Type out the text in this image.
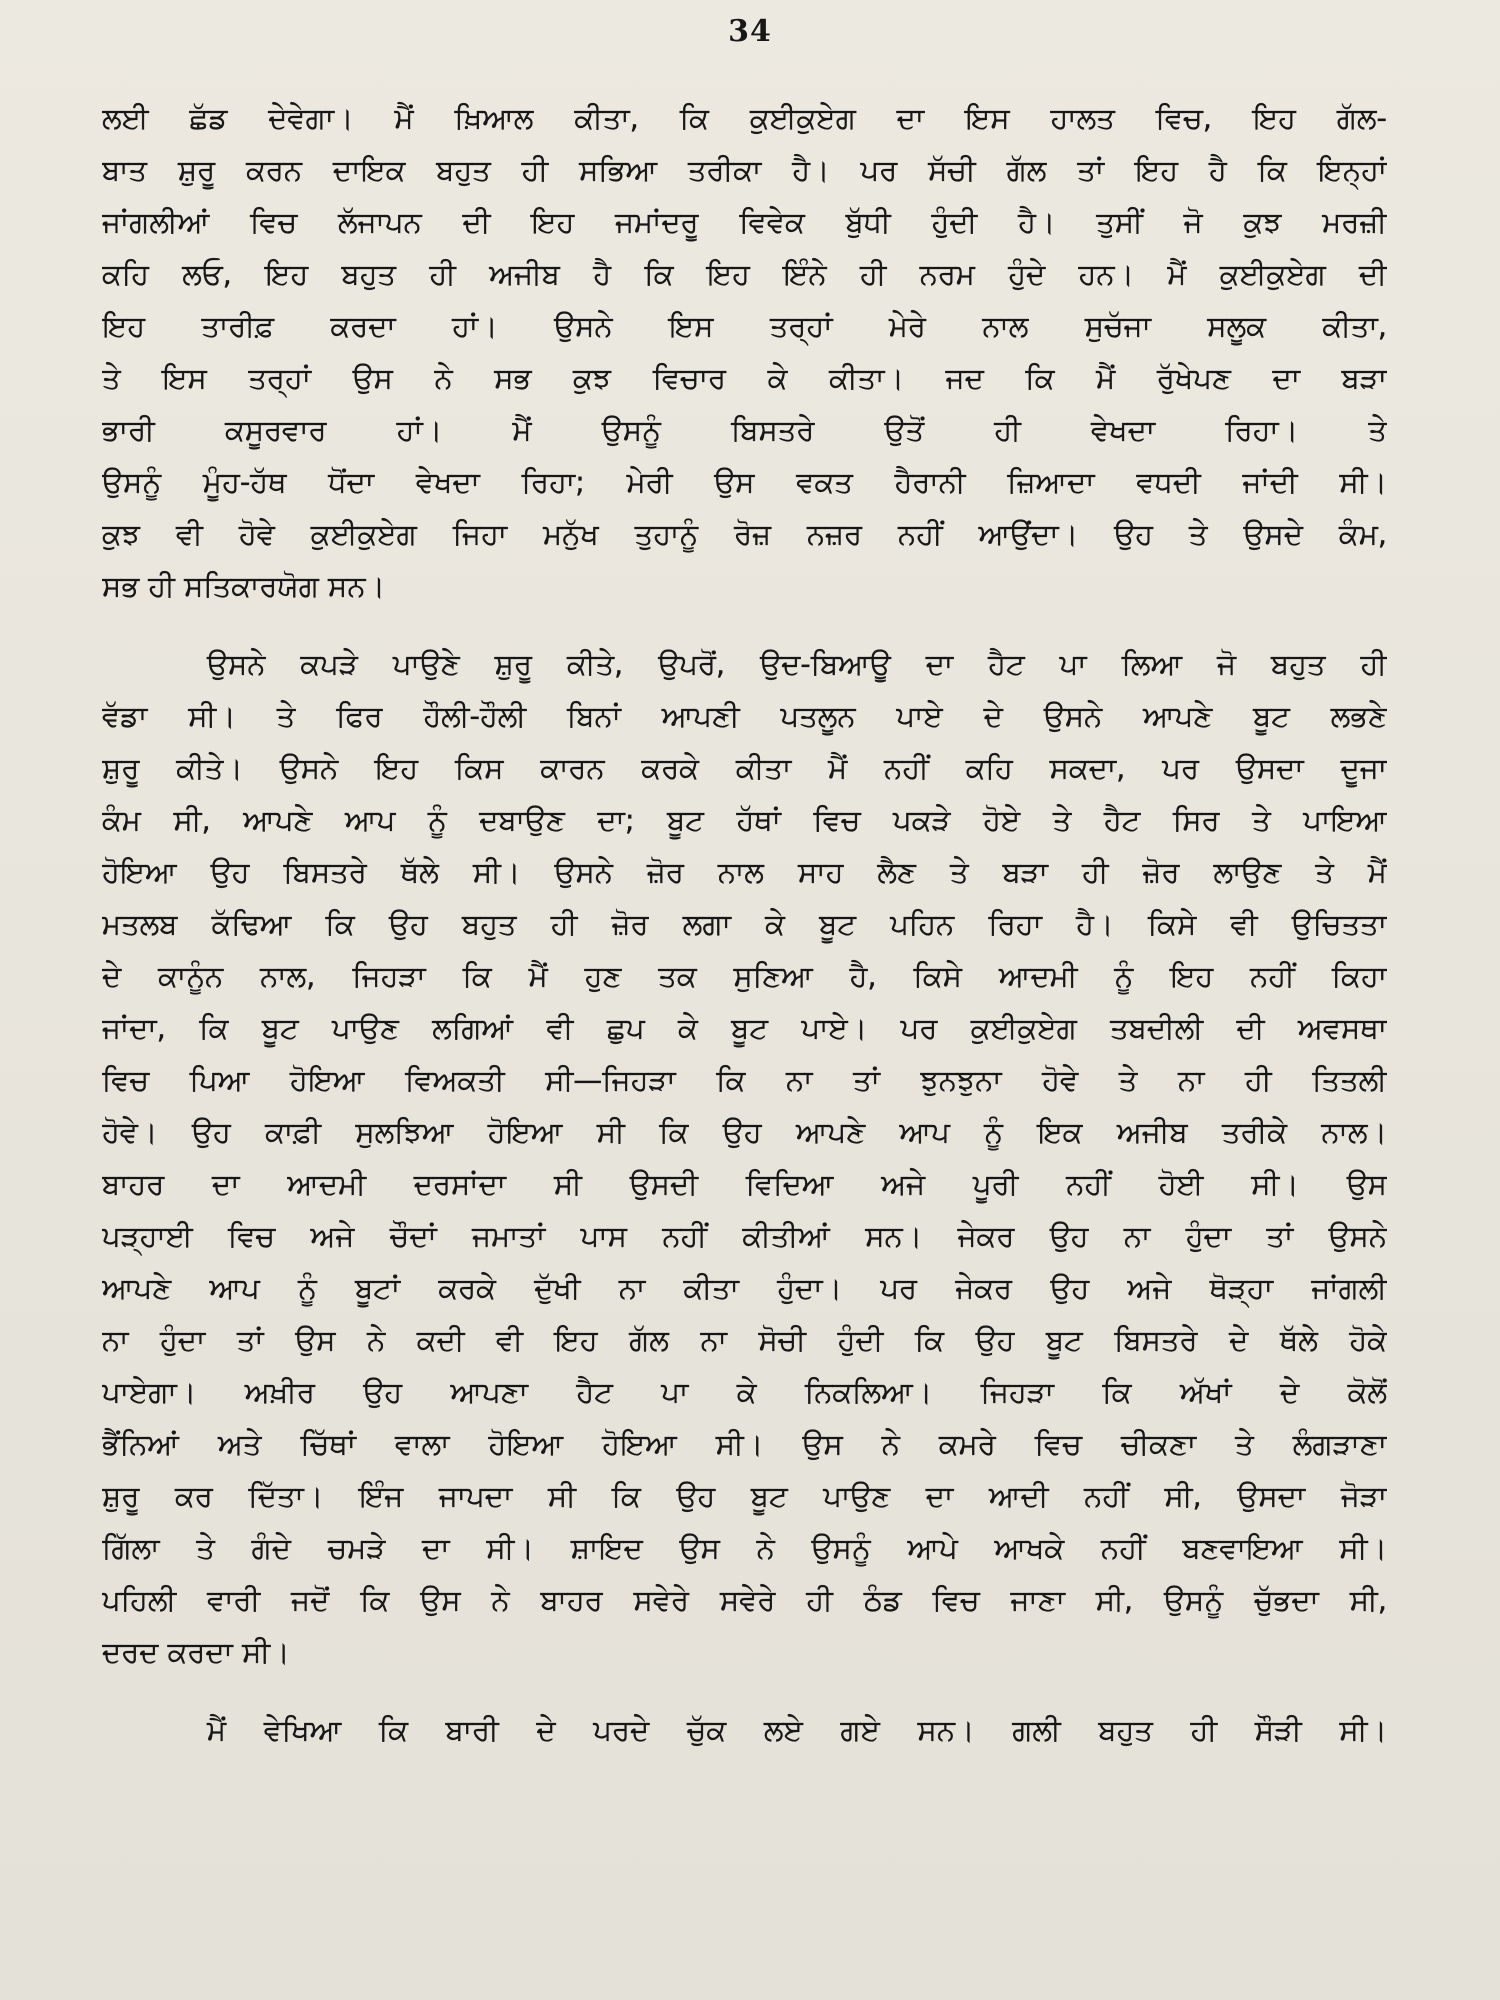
34
ਲਈ ਛੱਡ ਦੇਵੇਗਾ। ਮੈਂ ਖ਼ਿਆਲ ਕੀਤਾ, ਕਿ ਕੁਈਕੁਏਗ ਦਾ ਇਸ ਹਾਲਤ ਵਿਚ, ਇਹ ਗੱਲ-
ਬਾਤ ਸ਼ੁਰੂ ਕਰਨ ਦਾਇਕ ਬਹੁਤ ਹੀ ਸਭਿਆ ਤਰੀਕਾ ਹੈ। ਪਰ ਸੱਚੀ ਗੱਲ ਤਾਂ ਇਹ ਹੈ ਕਿ ਇਨ੍ਹਾਂ
ਜਾਂਗਲੀਆਂ ਵਿਚ ਲੱਜਾਪਨ ਦੀ ਇਹ ਜਮਾਂਦਰੂ ਵਿਵੇਕ ਬੁੱਧੀ ਹੁੰਦੀ ਹੈ। ਤੁਸੀਂ ਜੋ ਕੁਝ ਮਰਜ਼ੀ
ਕਹਿ ਲਓ, ਇਹ ਬਹੁਤ ਹੀ ਅਜੀਬ ਹੈ ਕਿ ਇਹ ਇੰਨੇ ਹੀ ਨਰਮ ਹੁੰਦੇ ਹਨ। ਮੈਂ ਕੁਈਕੁਏਗ ਦੀ
ਇਹ ਤਾਰੀਫ਼ ਕਰਦਾ ਹਾਂ। ਉਸਨੇ ਇਸ ਤਰ੍ਹਾਂ ਮੇਰੇ ਨਾਲ ਸੁਚੱਜਾ ਸਲੂਕ ਕੀਤਾ,
ਤੇ ਇਸ ਤਰ੍ਹਾਂ ਉਸ ਨੇ ਸਭ ਕੁਝ ਵਿਚਾਰ ਕੇ ਕੀਤਾ। ਜਦ ਕਿ ਮੈਂ ਰੁੱਖੇਪਣ ਦਾ ਬੜਾ
ਭਾਰੀ ਕਸੂਰਵਾਰ ਹਾਂ। ਮੈਂ ਉਸਨੂੰ ਬਿਸਤਰੇ ਉਤੋਂ ਹੀ ਵੇਖਦਾ ਰਿਹਾ। ਤੇ
ਉਸਨੂੰ ਮੂੰਹ-ਹੱਥ ਧੋਂਦਾ ਵੇਖਦਾ ਰਿਹਾ; ਮੇਰੀ ਉਸ ਵਕਤ ਹੈਰਾਨੀ ਜ਼ਿਆਦਾ ਵਧਦੀ ਜਾਂਦੀ ਸੀ।
ਕੁਝ ਵੀ ਹੋਵੇ ਕੁਈਕੁਏਗ ਜਿਹਾ ਮਨੁੱਖ ਤੁਹਾਨੂੰ ਰੋਜ਼ ਨਜ਼ਰ ਨਹੀਂ ਆਉਂਦਾ। ਉਹ ਤੇ ਉਸਦੇ ਕੰਮ,
ਸਭ ਹੀ ਸਤਿਕਾਰਯੋਗ ਸਨ।
ਉਸਨੇ ਕਪੜੇ ਪਾਉਣੇ ਸ਼ੁਰੂ ਕੀਤੇ, ਉਪਰੋਂ, ਉਦ-ਬਿਆਊ ਦਾ ਹੈਟ ਪਾ ਲਿਆ ਜੋ ਬਹੁਤ ਹੀ
ਵੱਡਾ ਸੀ। ਤੇ ਫਿਰ ਹੌਲੀ-ਹੌਲੀ ਬਿਨਾਂ ਆਪਣੀ ਪਤਲੂਨ ਪਾਏ ਦੇ ਉਸਨੇ ਆਪਣੇ ਬੂਟ ਲਭਣੇ
ਸ਼ੁਰੂ ਕੀਤੇ। ਉਸਨੇ ਇਹ ਕਿਸ ਕਾਰਨ ਕਰਕੇ ਕੀਤਾ ਮੈਂ ਨਹੀਂ ਕਹਿ ਸਕਦਾ, ਪਰ ਉਸਦਾ ਦੂਜਾ
ਕੰਮ ਸੀ, ਆਪਣੇ ਆਪ ਨੂੰ ਦਬਾਉਣ ਦਾ; ਬੂਟ ਹੱਥਾਂ ਵਿਚ ਪਕੜੇ ਹੋਏ ਤੇ ਹੈਟ ਸਿਰ ਤੇ ਪਾਇਆ
ਹੋਇਆ ਉਹ ਬਿਸਤਰੇ ਥੱਲੇ ਸੀ। ਉਸਨੇ ਜ਼ੋਰ ਨਾਲ ਸਾਹ ਲੈਣ ਤੇ ਬੜਾ ਹੀ ਜ਼ੋਰ ਲਾਉਣ ਤੇ ਮੈਂ
ਮਤਲਬ ਕੱਢਿਆ ਕਿ ਉਹ ਬਹੁਤ ਹੀ ਜ਼ੋਰ ਲਗਾ ਕੇ ਬੂਟ ਪਹਿਨ ਰਿਹਾ ਹੈ। ਕਿਸੇ ਵੀ ਉਚਿਤਤਾ
ਦੇ ਕਾਨੂੰਨ ਨਾਲ, ਜਿਹੜਾ ਕਿ ਮੈਂ ਹੁਣ ਤਕ ਸੁਣਿਆ ਹੈ, ਕਿਸੇ ਆਦਮੀ ਨੂੰ ਇਹ ਨਹੀਂ ਕਿਹਾ
ਜਾਂਦਾ, ਕਿ ਬੂਟ ਪਾਉਣ ਲਗਿਆਂ ਵੀ ਛੁਪ ਕੇ ਬੂਟ ਪਾਏ। ਪਰ ਕੁਈਕੁਏਗ ਤਬਦੀਲੀ ਦੀ ਅਵਸਥਾ
ਵਿਚ ਪਿਆ ਹੋਇਆ ਵਿਅਕਤੀ ਸੀ—ਜਿਹੜਾ ਕਿ ਨਾ ਤਾਂ ਝੁਨਝੁਨਾ ਹੋਵੇ ਤੇ ਨਾ ਹੀ ਤਿਤਲੀ
ਹੋਵੇ। ਉਹ ਕਾਫ਼ੀ ਸੁਲਝਿਆ ਹੋਇਆ ਸੀ ਕਿ ਉਹ ਆਪਣੇ ਆਪ ਨੂੰ ਇਕ ਅਜੀਬ ਤਰੀਕੇ ਨਾਲ।
ਬਾਹਰ ਦਾ ਆਦਮੀ ਦਰਸਾਂਦਾ ਸੀ ਉਸਦੀ ਵਿਦਿਆ ਅਜੇ ਪੂਰੀ ਨਹੀਂ ਹੋਈ ਸੀ। ਉਸ
ਪੜ੍ਹਾਈ ਵਿਚ ਅਜੇ ਚੌਦਾਂ ਜਮਾਤਾਂ ਪਾਸ ਨਹੀਂ ਕੀਤੀਆਂ ਸਨ। ਜੇਕਰ ਉਹ ਨਾ ਹੁੰਦਾ ਤਾਂ ਉਸਨੇ
ਆਪਣੇ ਆਪ ਨੂੰ ਬੂਟਾਂ ਕਰਕੇ ਦੁੱਖੀ ਨਾ ਕੀਤਾ ਹੁੰਦਾ। ਪਰ ਜੇਕਰ ਉਹ ਅਜੇ ਥੋੜ੍ਹਾ ਜਾਂਗਲੀ
ਨਾ ਹੁੰਦਾ ਤਾਂ ਉਸ ਨੇ ਕਦੀ ਵੀ ਇਹ ਗੱਲ ਨਾ ਸੋਚੀ ਹੁੰਦੀ ਕਿ ਉਹ ਬੂਟ ਬਿਸਤਰੇ ਦੇ ਥੱਲੇ ਹੋਕੇ
ਪਾਏਗਾ। ਅਖ਼ੀਰ ਉਹ ਆਪਣਾ ਹੈਟ ਪਾ ਕੇ ਨਿਕਲਿਆ। ਜਿਹੜਾ ਕਿ ਅੱਖਾਂ ਦੇ ਕੋਲੋਂ
ਭੈਂਨਿਆਂ ਅਤੇ ਚਿੱਥਾਂ ਵਾਲਾ ਹੋਇਆ ਹੋਇਆ ਸੀ। ਉਸ ਨੇ ਕਮਰੇ ਵਿਚ ਚੀਕਣਾ ਤੇ ਲੰਗੜਾਣਾ
ਸ਼ੁਰੂ ਕਰ ਦਿੱਤਾ। ਇੰਜ ਜਾਪਦਾ ਸੀ ਕਿ ਉਹ ਬੂਟ ਪਾਉਣ ਦਾ ਆਦੀ ਨਹੀਂ ਸੀ, ਉਸਦਾ ਜੋੜਾ
ਗਿੱਲਾ ਤੇ ਗੰਦੇ ਚਮੜੇ ਦਾ ਸੀ। ਸ਼ਾਇਦ ਉਸ ਨੇ ਉਸਨੂੰ ਆਪੇ ਆਖਕੇ ਨਹੀਂ ਬਣਵਾਇਆ ਸੀ।
ਪਹਿਲੀ ਵਾਰੀ ਜਦੋਂ ਕਿ ਉਸ ਨੇ ਬਾਹਰ ਸਵੇਰੇ ਸਵੇਰੇ ਹੀ ਠੰਡ ਵਿਚ ਜਾਣਾ ਸੀ, ਉਸਨੂੰ ਚੁੱਭਦਾ ਸੀ,
ਦਰਦ ਕਰਦਾ ਸੀ।
ਮੈਂ ਵੇਖਿਆ ਕਿ ਬਾਰੀ ਦੇ ਪਰਦੇ ਚੁੱਕ ਲਏ ਗਏ ਸਨ। ਗਲੀ ਬਹੁਤ ਹੀ ਸੌੜੀ ਸੀ।
